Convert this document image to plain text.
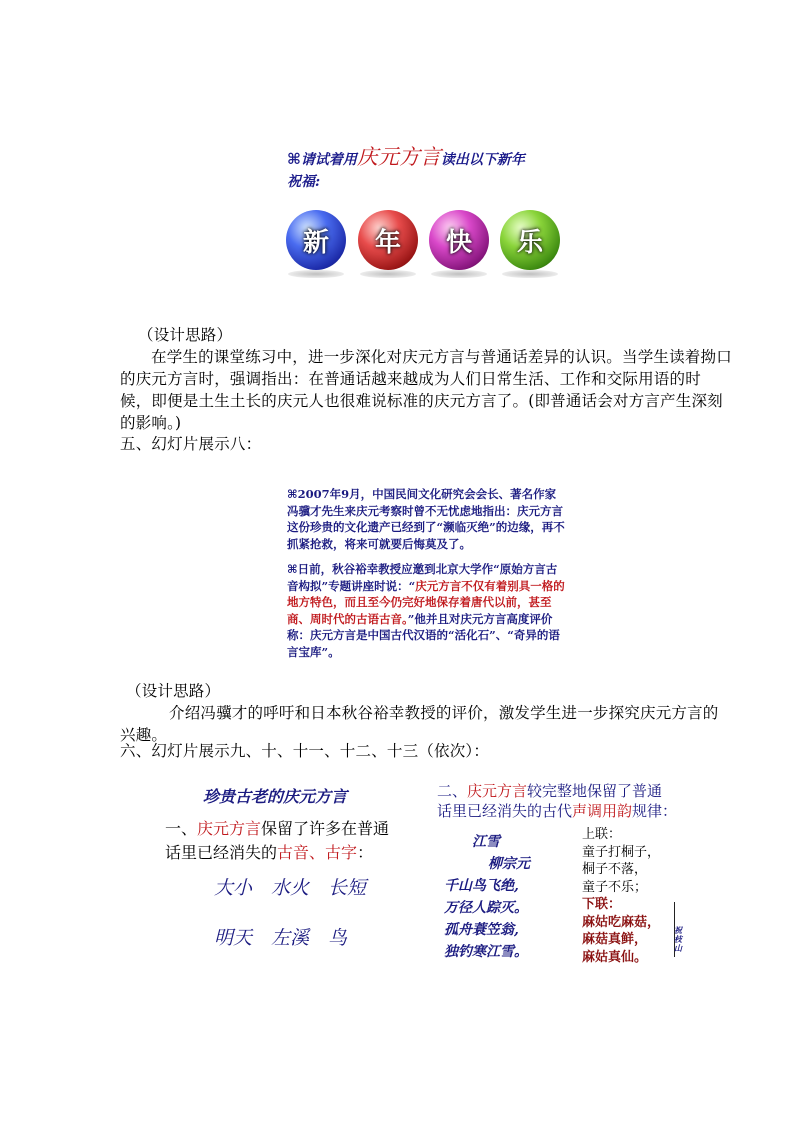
⌘请试着用庆元方言读出以下新年
祝福:
新 年 快 乐
（设计思路）
在学生的课堂练习中，进一步深化对庆元方言与普通话差异的认识。当学生读着拗口的庆元方言时，强调指出：在普通话越来越成为人们日常生活、工作和交际用语的时候，即便是土生土长的庆元人也很难说标准的庆元方言了。(即普通话会对方言产生深刻的影响。)
五、幻灯片展示八：
⌘2007年9月，中国民间文化研究会会长、著名作家冯骥才先生来庆元考察时曾不无忧虑地指出：庆元方言这份珍贵的文化遗产已经到了“濒临灭绝”的边缘，再不抓紧抢救，将来可就要后悔莫及了。
⌘日前，秋谷裕幸教授应邀到北京大学作“原始方言古音构拟”专题讲座时说：“庆元方言不仅有着别具一格的地方特色，而且至今仍完好地保存着唐代以前，甚至商、周时代的古语古音。”他并且对庆元方言高度评价称：庆元方言是中国古代汉语的“活化石”、“奇异的语言宝库”。
（设计思路）
介绍冯骥才的呼吁和日本秋谷裕幸教授的评价，激发学生进一步探究庆元方言的兴趣。
六、幻灯片展示九、十、十一、十二、十三（依次）：
珍贵古老的庆元方言
一、庆元方言保留了许多在普通
话里已经消失的古音、古字：
大小　水火　长短
明天　左溪　鸟
二、庆元方言较完整地保留了普通
话里已经消失的古代声调用韵规律：
江雪
柳宗元
千山鸟飞绝,
万径人踪灭。
孤舟蓑笠翁,
独钓寒江雪。
上联：
童子打桐子，
桐子不落，
童子不乐；
下联：
麻姑吃麻菇，
麻菇真鲜，
麻姑真仙。
祝枝山
